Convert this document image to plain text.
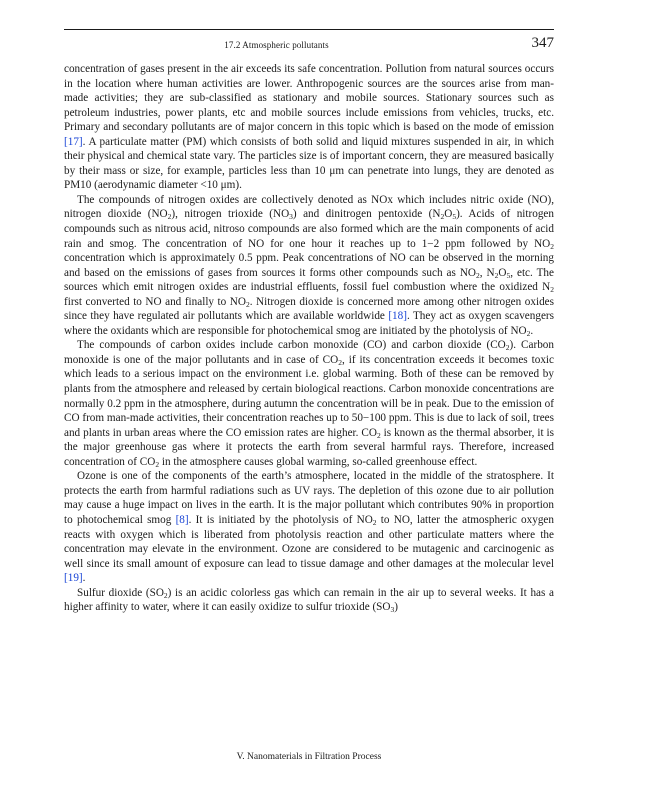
17.2 Atmospheric pollutants	347

concentration of gases present in the air exceeds its safe concentration. Pollution from natural sources occurs in the location where human activities are lower. Anthropogenic sources are the sources arise from man-made activities; they are sub-classified as stationary and mobile sources. Stationary sources such as petroleum industries, power plants, etc and mobile sources include emissions from vehicles, trucks, etc. Primary and secondary pollutants are of major concern in this topic which is based on the mode of emission [17]. A particulate matter (PM) which consists of both solid and liquid mixtures suspended in air, in which their physical and chemical state vary. The particles size is of important concern, they are measured basically by their mass or size, for example, particles less than 10 μm can penetrate into lungs, they are denoted as PM10 (aerodynamic diameter <10 μm).

The compounds of nitrogen oxides are collectively denoted as NOx which includes nitric oxide (NO), nitrogen dioxide $(NO_2)$, nitrogen trioxide $(NO_3)$ and dinitrogen pentoxide $(N_2O_5)$. Acids of nitrogen compounds such as nitrous acid, nitroso compounds are also formed which are the main components of acid rain and smog. The concentration of NO for one hour it reaches up to 1−2 ppm followed by $NO_2$ concentration which is approximately 0.5 ppm. Peak concentrations of NO can be observed in the morning and based on the emissions of gases from sources it forms other compounds such as $NO_2$, $N_2O_5$, etc. The sources which emit nitrogen oxides are industrial effluents, fossil fuel combustion where the oxidized $N_2$ first converted to NO and finally to $NO_2$. Nitrogen dioxide is concerned more among other nitrogen oxides since they have regulated air pollutants which are available worldwide [18]. They act as oxygen scavengers where the oxidants which are responsible for photochemical smog are initiated by the photolysis of $NO_2$.

The compounds of carbon oxides include carbon monoxide (CO) and carbon dioxide $(CO_2)$. Carbon monoxide is one of the major pollutants and in case of $CO_2$, if its concentration exceeds it becomes toxic which leads to a serious impact on the environment i.e. global warming. Both of these can be removed by plants from the atmosphere and released by certain biological reactions. Carbon monoxide concentrations are normally 0.2 ppm in the atmosphere, during autumn the concentration will be in peak. Due to the emission of CO from man-made activities, their concentration reaches up to 50−100 ppm. This is due to lack of soil, trees and plants in urban areas where the CO emission rates are higher. $CO_2$ is known as the thermal absorber, it is the major greenhouse gas where it protects the earth from several harmful rays. Therefore, increased concentration of $CO_2$ in the atmosphere causes global warming, so-called greenhouse effect.

Ozone is one of the components of the earth’s atmosphere, located in the middle of the stratosphere. It protects the earth from harmful radiations such as UV rays. The depletion of this ozone due to air pollution may cause a huge impact on lives in the earth. It is the major pollutant which contributes 90% in proportion to photochemical smog [8]. It is initiated by the photolysis of $NO_2$ to NO, latter the atmospheric oxygen reacts with oxygen which is liberated from photolysis reaction and other particulate matters where the concentration may elevate in the environment. Ozone are considered to be mutagenic and carcinogenic as well since its small amount of exposure can lead to tissue damage and other damages at the molecular level [19].

Sulfur dioxide $(SO_2)$ is an acidic colorless gas which can remain in the air up to several weeks. It has a higher affinity to water, where it can easily oxidize to sulfur trioxide $(SO_3)$

V. Nanomaterials in Filtration Process
